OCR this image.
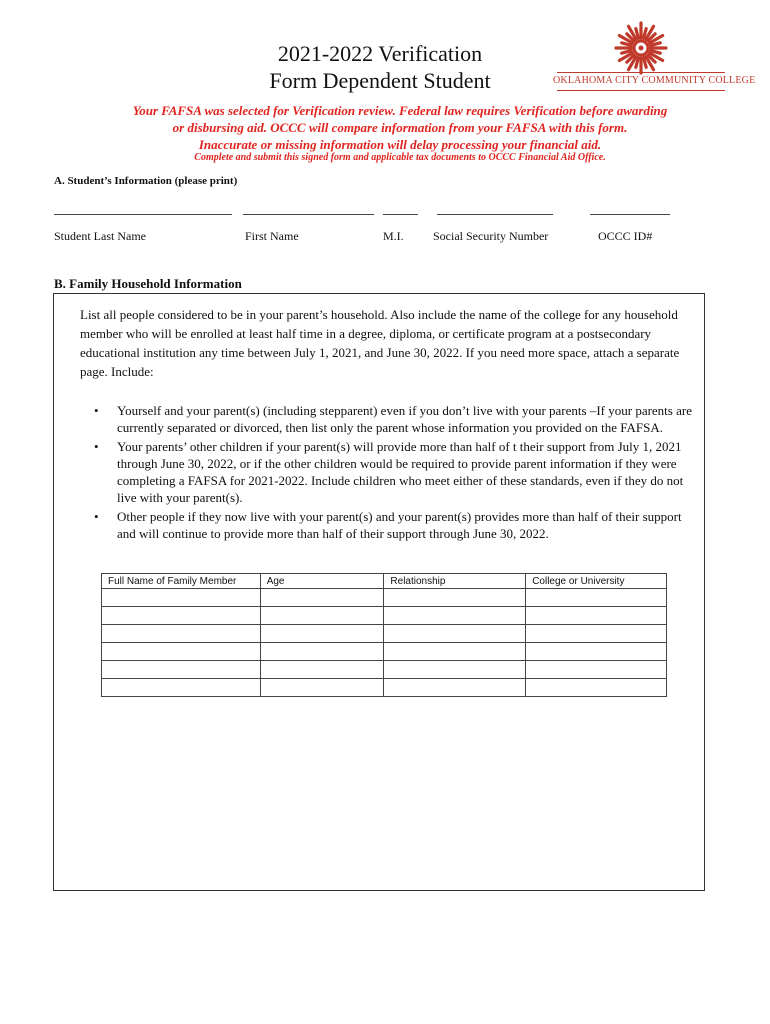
2021-2022 Verification
Form Dependent Student	OKLAHOMA CITY COMMUNITY COLLEGE
Your FAFSA was selected for Verification review. Federal law requires Verification before awarding
or disbursing aid. OCCC will compare information from your FAFSA with this form.
Inaccurate or missing information will delay processing your financial aid.
Complete and submit this signed form and applicable tax documents to OCCC Financial Aid Office.
A. Student’s Information (please print)
Student Last Name	First Name	M.I. Social Security Number	OCCC ID#
B. Family Household Information
List all people considered to be in your parent’s household. Also include the name of the college for any household member who will be enrolled at least half time in a degree, diploma, or certificate program at a postsecondary educational institution any time between July 1, 2021, and June 30, 2022. If you need more space, attach a separate page. Include:
• Yourself and your parent(s) (including stepparent) even if you don’t live with your parents –If your parents are currently separated or divorced, then list only the parent whose information you provided on the FAFSA.
• Your parents’ other children if your parent(s) will provide more than half of t their support from July 1, 2021 through June 30, 2022, or if the other children would be required to provide parent information if they were completing a FAFSA for 2021-2022. Include children who meet either of these standards, even if they do not live with your parent(s).
• Other people if they now live with your parent(s) and your parent(s) provides more than half of their support and will continue to provide more than half of their support through June 30, 2022.
Full Name of Family Member	Age	Relationship	College or University
